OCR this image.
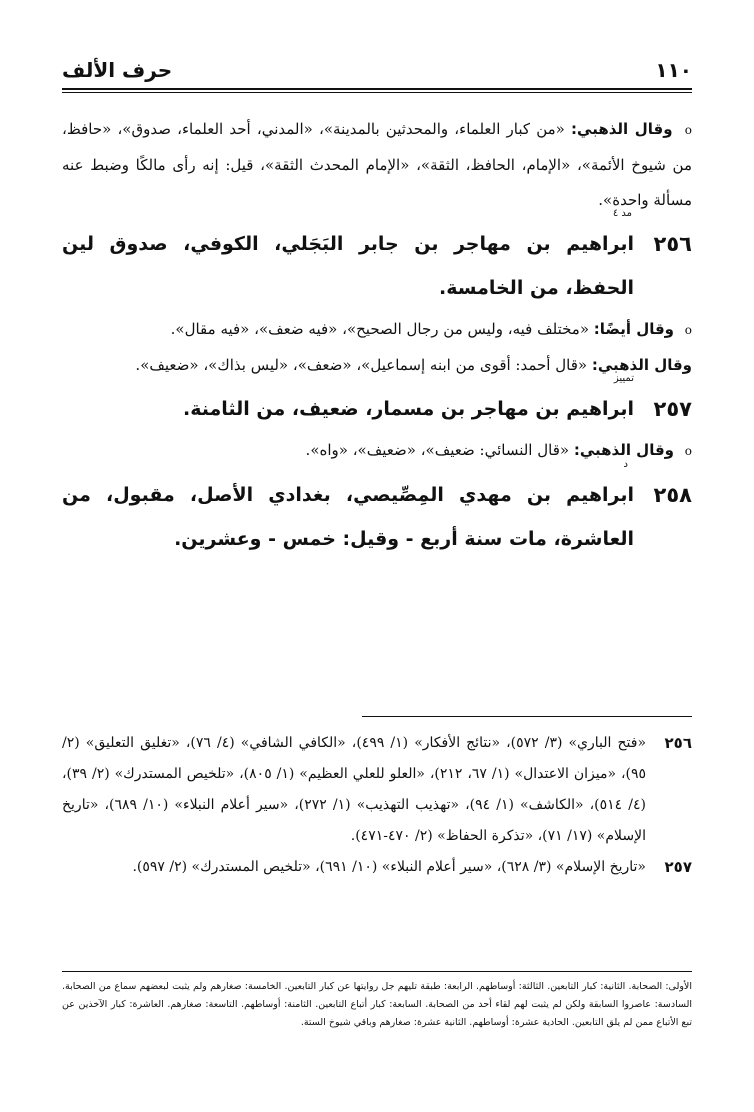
١١٠
حرف الألف

o وقال الذهبي: «من كبار العلماء، والمحدثين بالمدينة»، «المدني، أحد العلماء، صدوق»، «حافظ، من شيوخ الأئمة»، «الإمام، الحافظ، الثقة»، «الإمام المحدث الثقة»، قيل: إنه رأى مالكًا وضبط عنه مسألة واحدة».

٢٥٦
مد ٤
ابراهيم بن مهاجر بن جابر البَجَلي، الكوفي، صدوق لين الحفظ، من الخامسة.

o وقال أيضًا: «مختلف فيه، وليس من رجال الصحيح»، «فيه ضعف»، «فيه مقال».

وقال الذهبي: «قال أحمد: أقوى من ابنه إسماعيل»، «ضعف»، «ليس بذاك»، «ضعيف».

٢٥٧
تمييز
ابراهيم بن مهاجر بن مسمار، ضعيف، من الثامنة.

o وقال الذهبي: «قال النسائي: ضعيف»، «ضعيف»، «واه».

٢٥٨
د
ابراهيم بن مهدي المِصِّيصي، بغدادي الأصل، مقبول، من العاشرة، مات سنة أربع - وقيل: خمس - وعشرين.
٢٥٦
«فتح الباري» (٣/ ٥٧٢)، «نتائج الأفكار» (١/ ٤٩٩)، «الكافي الشافي» (٤/ ٧٦)، «تغليق التعليق» (٢/ ٩٥)، «ميزان الاعتدال» (١/ ٦٧، ٢١٢)، «العلو للعلي العظيم» (١/ ٨٠٥)، «تلخيص المستدرك» (٢/ ٣٩)، (٤/ ٥١٤)، «الكاشف» (١/ ٩٤)، «تهذيب التهذيب» (١/ ٢٧٢)، «سير أعلام النبلاء» (١٠/ ٦٨٩)، «تاريخ الإسلام» (١٧/ ٧١)، «تذكرة الحفاظ» (٢/ ٤٧٠-٤٧١).
٢٥٧
«تاريخ الإسلام» (٣/ ٦٢٨)، «سير أعلام النبلاء» (١٠/ ٦٩١)، «تلخيص المستدرك» (٢/ ٥٩٧).
الأولى: الصحابة. الثانية: كبار التابعين. الثالثة: أوساطهم. الرابعة: طبقة تليهم جل روايتها عن كبار التابعين. الخامسة: صغارهم ولم يثبت لبعضهم سماع من الصحابة. السادسة: عاصروا السابقة ولكن لم يثبت لهم لقاء أحد من الصحابة. السابعة: كبار أتباع التابعين. الثامنة: أوساطهم. التاسعة: صغارهم. العاشرة: كبار الآخذين عن تبع الأتباع ممن لم يلق التابعين. الحادية عشرة: أوساطهم. الثانية عشرة: صغارهم وباقي شيوخ الستة.
